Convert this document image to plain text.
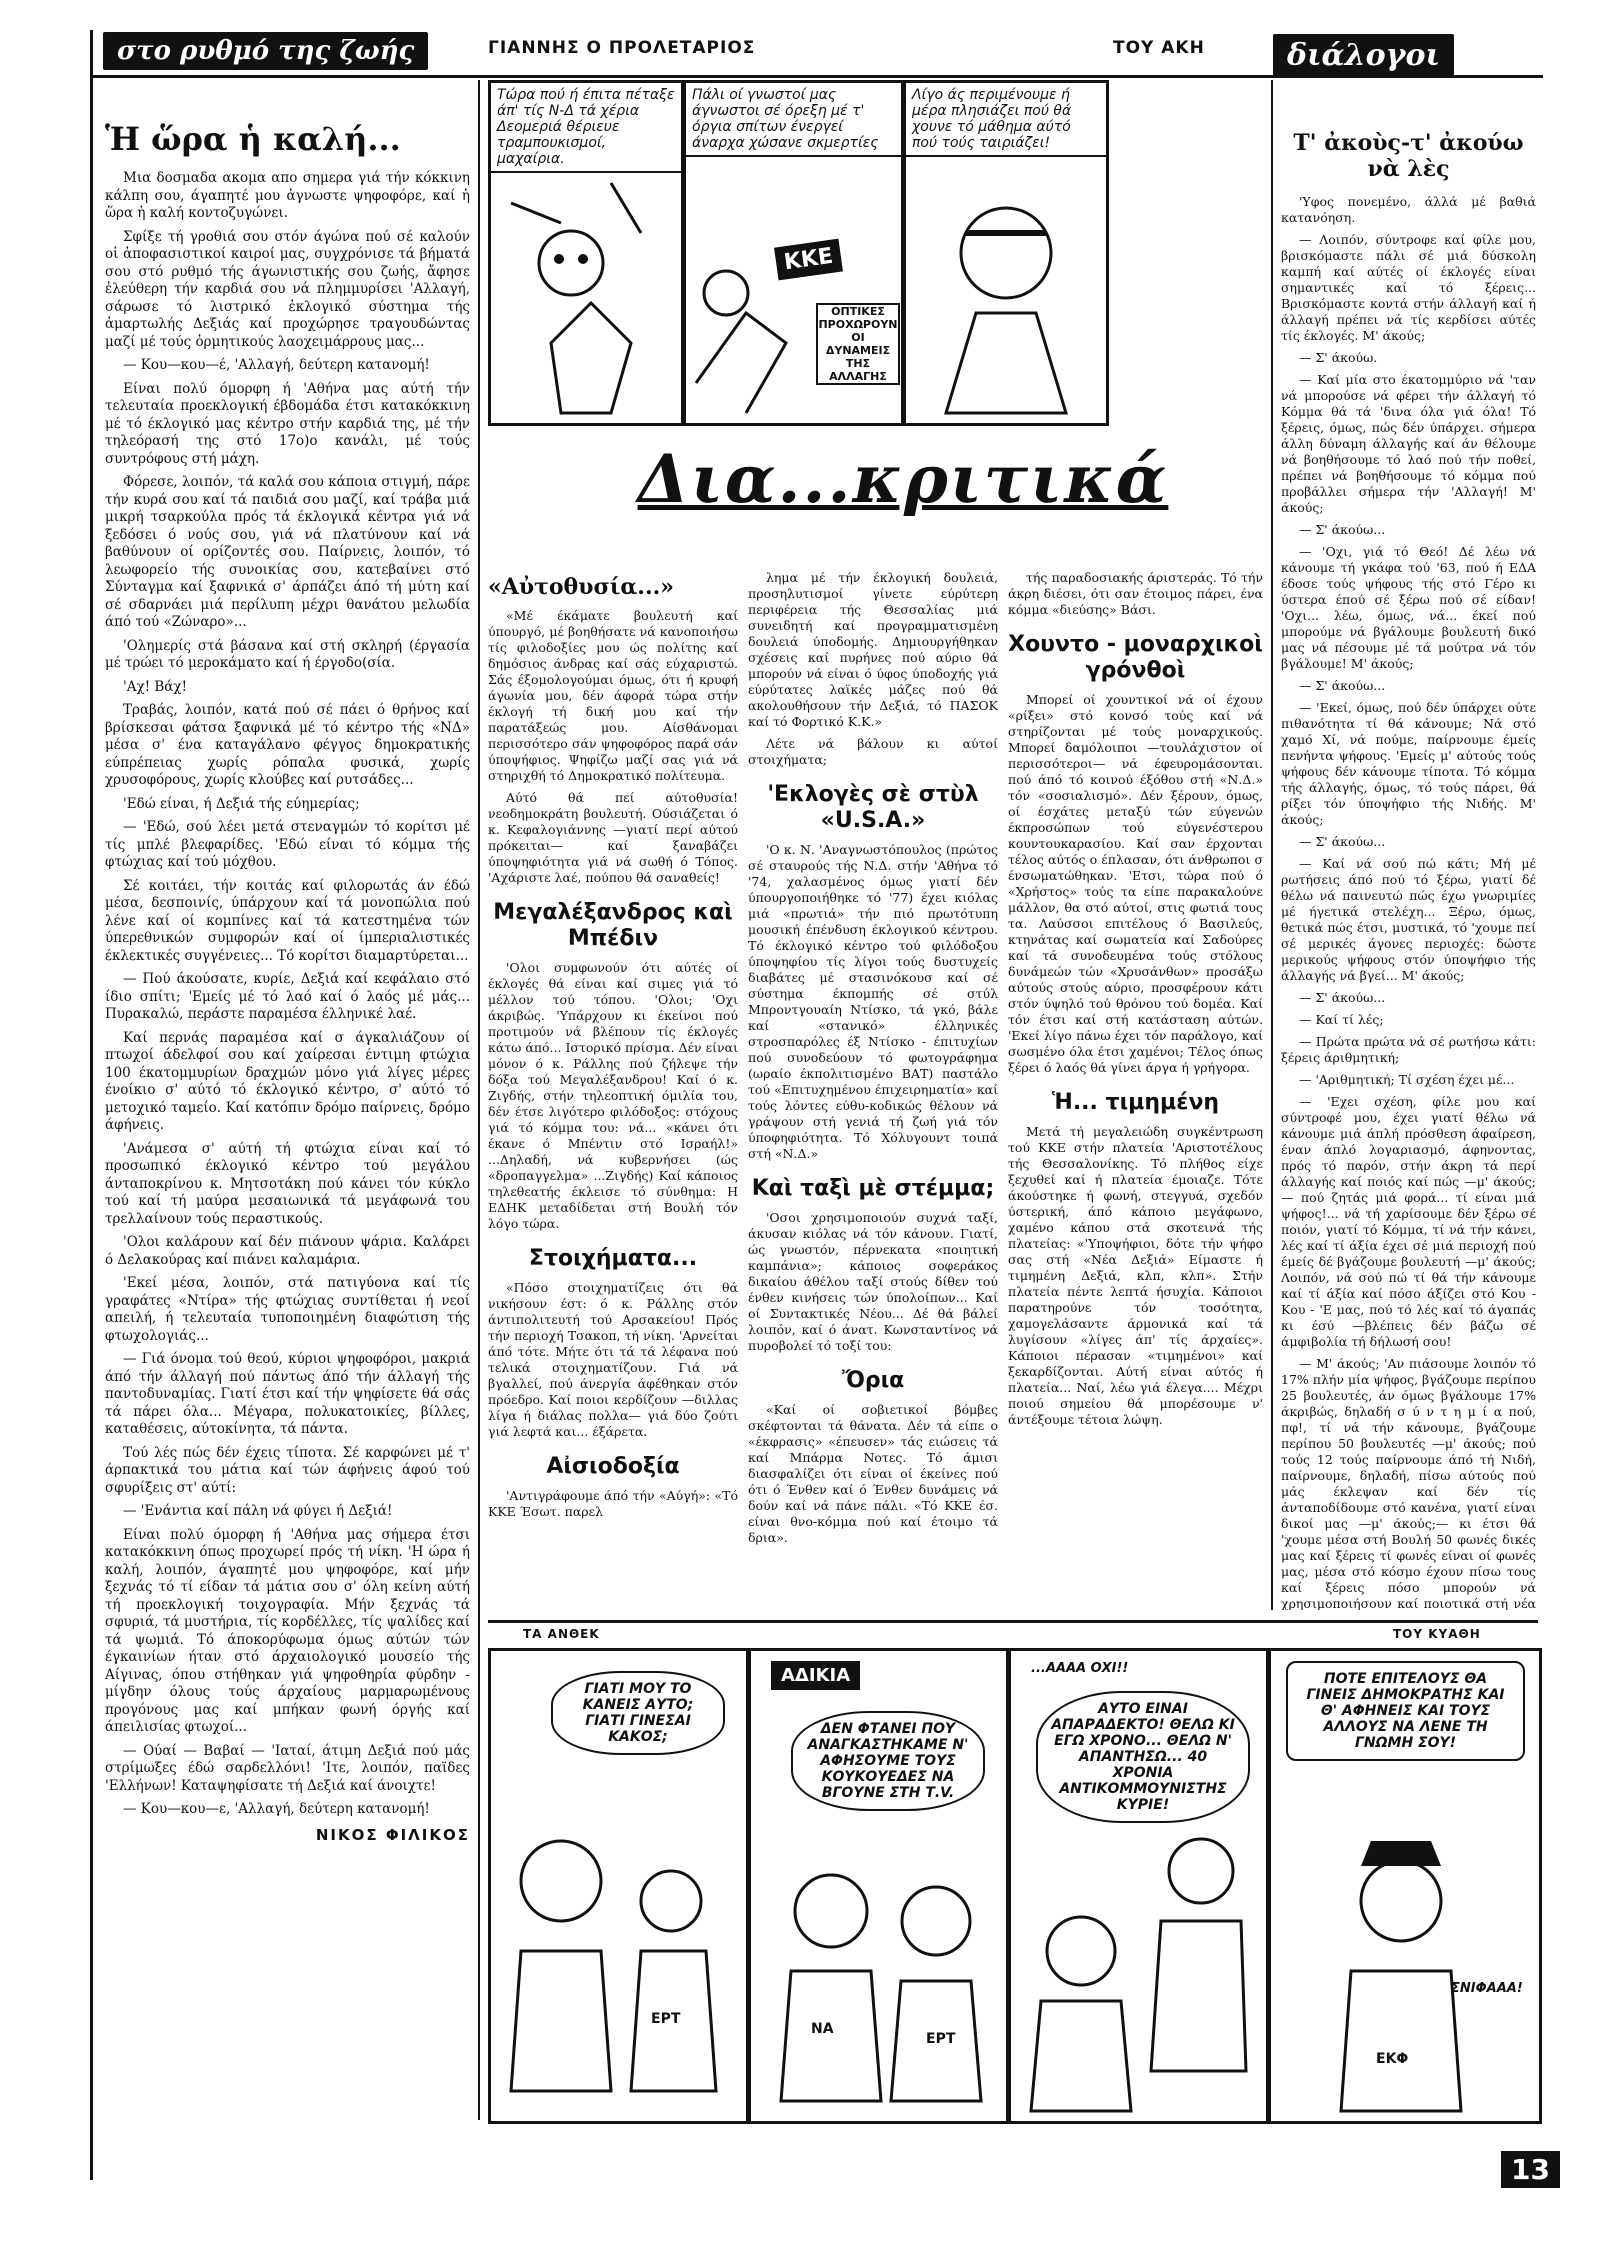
στο ρυθμό της ζωής	ΓΙΑΝΝΗΣ Ο ΠΡΟΛΕΤΑΡΙΟΣ	ΤΟΥ ΑΚΗ	διάλογοι
Ἡ ὥρα ἡ καλή...

Μια δοσμαδα ακομα απο σημερα γιά τήν κόκκινη κάλπη σου, άγαπητέ μου ἀγνωστε ψηφοφόρε, καί ἡ ὥρα ἡ καλή κοντοζυγώνει.

Σφίξε τή γροθιά σου στόν άγώνα πού σέ καλούν οἱ ἀποφασιστικοί καιροί μας, συγχρόνισε τά βήματά σου στό ρυθμό τής άγωνιστικής σου ζωής, ἄφησε ἐλεύθερη τήν καρδιά σου νά πλημμυρίσει 'Αλλαγή, σάρωσε τό λιστρικό ἐκλογικό σύστημα τής ἁμαρτωλής Δεξιάς καί προχώρησε τραγουδώντας μαζί μέ τούς ὀρμητικούς λαοχειμάρρους μας...

— Κου—κου—έ, 'Αλλαγή, δεύτερη κατανομή!

Είναι πολύ όμορφη ή 'Αθήνα μας αύτή τήν τελευταία προεκλογική έβδομάδα έτσι κατακόκκινη μέ τό έκλογικό μας κέντρο στήν καρδιά της, μέ τήν τηλεόρασή της στό 17ο)ο κανάλι, μέ τούς συντρόφους στή μάχη.

Φόρεσε, λοιπόν, τά καλά σου κάποια στιγμή, πάρε τήν κυρά σου καί τά παιδιά σου μαζί, καί τράβα μιά μικρή τσαρκούλα πρός τά έκλογικά κέντρα γιά νά ξεδόσει ό νούς σου, γιά νά πλατύνουν καί νά βαθύνουν οί ορίζοντές σου. Παίρνεις, λοιπόν, τό λεωφορείο τής συνοικίας σου, κατεβαίνει στό Σύνταγμα καί ξαφνικά σ' άρπάζει άπό τή μύτη καί σέ σδαρνάει μιά περίλυπη μέχρι θανάτου μελωδία άπό τού «Ζώναρο»...

'Ολημερίς στά βάσανα καί στή σκληρή (έργασία μέ τρώει τό μεροκάματο καί ή έργοδο(σία.

'Αχ! Βάχ!

Τραβάς, λοιπόν, κατά πού σέ πάει ό θρήνος καί βρίσκεσαι φάτσα ξαφνικά μέ τό κέντρο τής «ΝΔ» μέσα σ' ένα καταγάλανο φέγγος δημοκρατικής εύπρέπειας χωρίς ρόπαλα φυσικά, χωρίς χρυσοφόρους, χωρίς κλούβες καί ρυτσάδες...

'Εδώ είναι, ή Δεξιά τής εύημερίας;

— 'Εδώ, σού λέει μετά στεναγμών τό κορίτσι μέ τίς μπλέ βλεφαρίδες. 'Εδώ είναι τό κόμμα τής φτώχιας καί τού μόχθου.

Σέ κοιτάει, τήν κοιτάς καί φιλορωτάς άν έδώ μέσα, δεσποινίς, ύπάρχουν καί τά μονοπώλια πού λένε καί οί κομπίνες καί τά κατεστημένα τών ύπερεθνικών συμφορών καί οί ίμπεριαλιστικές έκλεκτικές συγγένειες... Τό κορίτσι διαμαρτύρεται...

— Πού άκούσατε, κυρίε, Δεξιά καί κεφάλαιο στό ίδιο σπίτι; 'Εμείς μέ τό λαό καί ό λαός μέ μάς... Πυρακαλώ, περάστε παραμέσα έλληνικέ λαέ.

Καί περνάς παραμέσα καί σ άγκαλιάζουν οί πτωχοί άδελφοί σου καί χαίρεσαι έντιμη φτώχια 100 έκατομμυρίων δραχμών μόνο γιά λίγες μέρες ένοίκιο σ' αύτό τό έκλογικό κέντρο, σ' αύτό τό μετοχικό ταμείο. Καί κατόπιν δρόμο παίρνεις, δρόμο άφήνεις.

'Ανάμεσα σ' αύτή τή φτώχια είναι καί τό προσωπικό έκλογικό κέντρο τού μεγάλου άνταποκρίνου κ. Μητσοτάκη πού κάνει τόν κύκλο τού καί τή μαύρα μεσαιωνικά τά μεγάφωνά του τρελλαίνουν τούς περαστικούς.

'Ολοι καλάρουν καί δέν πιάνουν ψάρια. Καλάρει ό Δελακούρας καί πιάνει καλαμάρια.

'Εκεί μέσα, λοιπόν, στά πατιγύονα καί τίς γραφάτες «Ντίρα» τής φτώχιας συντίθεται ή νεοί απειλή, ή τελευταία τυποποιημένη διαφώτιση τής φτωχολογιάς...

— Γιά όνομα τού θεού, κύριοι ψηφοφόροι, μακριά άπό τήν άλλαγή πού πάντως άπό τήν άλλαγή τής παντοδυναμίας. Γιατί έτσι καί τήν ψηφίσετε θά σάς τά πάρει όλα... Μέγαρα, πολυκατοικίες, βίλλες, καταθέσεις, αύτοκίνητα, τά πάντα.

Τού λές πώς δέν έχεις τίποτα. Σέ καρφώνει μέ τ' άρπακτικά του μάτια καί τών άφήνεις άφού τού σφυρίξεις στ' αύτί:

— 'Ενάντια καί πάλη νά φύγει ή Δεξιά!

Είναι πολύ όμορφη ή 'Αθήνα μας σήμερα έτσι κατακόκκινη όπως προχωρεί πρός τή νίκη. 'Η ώρα ή καλή, λοιπόν, άγαπητέ μου ψηφοφόρε, καί μήν ξεχνάς τό τί είδαν τά μάτια σου σ' όλη κείνη αύτή τή προεκλογική τοιχογραφία. Μήν ξεχνάς τά σφυριά, τά μυστήρια, τίς κορδέλλες, τίς ψαλίδες καί τά ψωμιά. Τό άποκορύφωμα όμως αύτών τών έγκαινίων ήταν στό άρχαιολογικό μουσείο τής Αίγινας, όπου στήθηκαν γιά ψηφοθηρία φύρδην - μίγδην όλους τούς άρχαίους μαρμαρωμένους προγόνους μας καί μπήκαν φωνή όργής καί άπειλισίας φτωχοί...

— Ούαί — Βαβαί — 'Ιαταί, άτιμη Δεξιά πού μάς στρίμωξες έδώ σαρδελλόνι! 'Ιτε, λοιπόν, παϊδες 'Ελλήνων! Καταψηφίσατε τή Δεξιά καί άνοιχτε!

— Κου—κου—ε, 'Αλλαγή, δεύτερη κατανομή!

ΝΙΚΟΣ ΦΙΛΙΚΟΣ
Τώρα πού ή έπιτα πέταξε άπ' τίς Ν-Δ τά χέρια Δεομεριά θέριευε τραμπουκισμοί, μαχαίρια.
Πάλι οί γνωστοί μας άγνωστοι σέ όρεξη μέ τ' όργια σπίτων ένεργεί άναρχα χώσανε σκμερτίες
ΚΚΕ
ΟΠΤΙΚΕΣ ΠΡΟΧΩΡΟΥΝ ΟΙ ΔΥΝΑΜΕΙΣ ΤΗΣ ΑΛΛΑΓΗΣ
Λίγο άς περιμένουμε ή μέρα πλησιάζει πού θά χουνε τό μάθημα αύτό πού τούς ταιριάζει!
Δια...κριτικά
«Αὐτοθυσία...»

«Μέ έκάματε βουλευτή καί ύπουργό, μέ βοηθήσατε νά κανοποιήσω τίς φιλοδοξίες μου ώς πολίτης καί δημόσιος άνδρας καί σάς εύχαριστώ. Σάς έξομολογούμαι όμως, ότι ή κρυφή άγωνία μου, δέν άφορά τώρα στήν έκλογή τή δική μου καί τήν παρατάξεώς μου. Αίσθάνομαι περισσότερο σάν ψηφοφόρος παρά σάν ύποψήφιος. Ψηφίζω μαζί σας γιά νά στηριχθή τό Δημοκρατικό πολίτευμα.

Αύτό θά πεί αύτοθυσία! νεοδημοκράτη βουλευτή. Ούσιάζεται ό κ. Κεφαλογιάννης —γιατί περί αύτού πρόκειται— καί ξαναβάζει ύποψηφιότητα γιά νά σωθή ό Τόπος. 'Αχάριστε λαέ, πούπου θά σαναθείς!

Μεγαλέξανδρος καὶ Μπέδιν

'Ολοι συμφωνούν ότι αύτές οί έκλογές θά είναι καί σιμες γιά τό μέλλον τού τόπου. 'Ολοι; 'Οχι άκριβώς. 'Υπάρχουν κι έκείνοι πού προτιμούν νά βλέπουν τίς έκλογές κάτω άπό... Ιστορικό πρίσμα. Δέν είναι μόνον ό κ. Ράλλης πού ζήλεψε τήν δόξα τού Μεγαλέξανδρου! Καί ό κ. Ζιγδής, στήν τηλεοπτική όμιλία του, δέν έτσε λιγότερο φιλόδοξος: στόχους γιά τό κόμμα του: νά... «κάνει ότι έκανε ό Μπέντιν στό Ισραήλ!» ...Δηλαδή, νά κυβερνήσει (ώς «δροπαγγελμα» ...Ζιγδής) Καί κάποιος τηλεθεατής έκλεισε τό σύνθημα: Η ΕΔΗΚ μεταδίδεται στή Βουλή τόν λόγο τώρα.

Στοιχήματα...

«Πόσο στοιχηματίζεις ότι θά νικήσουν έστ: ό κ. Ράλλης στόν άντιπολιτευτή τού Αρσακείου! Πρός τήν περιοχή Τσακοπ, τή νίκη. 'Αρνείται άπό τότε. Μήτε ότι τά τά λέφανα πού τελικά στοιχηματίζουν. Γιά νά βγαλλεί, πού άνεργία άφέθηκαν στόν πρόεδρο. Καί ποιοι κερδίζουν —διλλας λίγα ή διάλας πολλα— γιά δύο ζούτι γιά λεφτά και... έξάρετα.

Αἰσιοδοξία

'Αντιγράφουμε άπό τήν «Αύγή»: «Τό ΚΚΕ Έσωτ. παρελ

λημα μέ τήν έκλογική δουλειά, προσηλυτισμοί γίνετε εύρύτερη περιφέρεια τής Θεσσαλίας μιά συνειδητή καί προγραμματισμένη δουλειά ύποδομής. Δημιουργήθηκαν σχέσεις καί πυρήνες πού αύριο θά μπορούν νά είναι ό ύφος ύποδοχής γιά εύρύτατες λαϊκές μάζες πού θά ακολουθήσουν τήν Δεξιά, τό ΠΑΣΟΚ καί τό Φορτικό Κ.Κ.»

Λέτε νά βάλουν κι αύτοί στοιχήματα;

'Εκλογὲς σὲ στὺλ «U.S.A.»

'Ο κ. Ν. 'Αναγνωστόπουλος (πρώτος σέ σταυρούς τής Ν.Δ. στήν 'Αθήνα τό '74, χαλασμένος όμως γιατί δέν ύπουργοποιήθηκε τό '77) έχει κιόλας μιά «πρωτιά» τήν πιό πρωτότυπη μουσική έπένδυση έκλογικού κέντρου. Τό έκλογικό κέντρο τού φιλόδοξου ύποψηφίου τίς λίγοι τούς δυστυχείς διαβάτες μέ στασινόκουσ καί σέ σύστημα έκπομπής σέ στύλ Μπροντγουαίη Ντίσκο, τά γκό, βάλε καί «στανικό» έλληνικές στροσπαρόλες έξ Ντίσκο - έπιτυχίων πού συνοδεύουν τό φωτογράφημα (ωραίο έκπολιτισμένο ΒΑΤ) παστάλο τού «Επιτυχημένου έπιχειρηματία» καί τούς λόντες εύθυ-κοδικώς θέλουν νά γράψουν στή γενιά τή ζωή γιά τόν ύποφηφιότητα. Τό Χόλυγουντ τοιπά στή «Ν.Δ.»

Καὶ ταξὶ μὲ στέμμα;

'Οσοι χρησιμοποιούν συχνά ταξί, άκυσαν κιόλας νά τόν κάνουν. Γιατί, ώς γνωστόν, πέρνεκατα «ποιητική καμπάνια»; κάποιος σοφεράκος δικαίου άθέλου ταξί στούς δίθεν τού ένθεν κινήσεις τών ύπολοίπων... Καί οί Συντακτικές Νέου... Δέ θά βάλεί λοιπόν, καί ό άνατ. Κωνσταντίνος νά πυροβολεί τό τοξί του:

Ὄρια

«Καί οί σοβιετικοί βόμβες σκέφτονται τά θάνατα. Δέν τά είπε ο «έκφρασις» «έπευσεν» τάς ειώσεις τά καί Μπάρμα Νοτες. Τό άμισι διασφαλίζει ότι είναι οί έκείνες πού ότι ό Ένθεν καί ό Ένθεν δυνάμεις νά δούν καί νά πάνε πάλι. «Τό ΚΚΕ έσ. είναι θνο-κόμμα πού καί έτοιμο τά δρια».

τής παραδοσιακής άριστεράς. Τό τήν άκρη διέσει, ότι σαν έτοιμος πάρει, ένα κόμμα «διεύσης» Βάσι.

Χουντο - μοναρχικοὶ γρόνθοὶ

Μπορεί οί χουντικοί νά οί έχουν «ρίξει» στό κονσό τούς καί νά στηρίζονται μέ τούς μοναρχικούς. Μπορεί δαμόλοιποι —τουλάχιστον οί περισσότεροι— νά έφευρομάσονται. πού άπό τό κοινού έξόθου στή «Ν.Δ.» τόν «σοσιαλισμό». Δέν ξέρουν, όμως, οί έσχάτες μεταξύ τών εύγενών έκπροσώπων τού εύγενέστερου κουντουκαρασίου. Καί σαν έρχονται τέλος αύτός ο έπλασαν, ότι άνθρωποι σ ένσωματώθηκαν. 'Ετσι, τώρα πού ό «Χρήστος» τούς τα είπε παρακαλούνε μάλλον, θα στό αύτοί, στις φωτιά τους τα. Λαύσσοι επιτέλους ό Βασιλεύς, κτηνάτας καί σωματεία καί Σαδούρες καί τά συνοδευμένα τούς στόλους δυνάμεών τών «Χρυσάνθων» προσάξω αύτούς στούς αύριο, προσφέρουν κάτι στόν ύψηλό τού θρόνου τού δομέα. Καί τόν έτσι καί στή κατάσταση αύτών. 'Εκεί λίγο πάνω έχει τόν παράλογο, καί σωσμένο όλα έτσι χαμένοι; Τέλος όπως ξέρει ό λαός θά γίνει άργα ή γρήγορα.

Ἡ... τιμημένη

Μετά τή μεγαλειώδη συγκέντρωση τού ΚΚΕ στήν πλατεία 'Αριστοτέλους τής Θεσσαλονίκης. Τό πλήθος είχε ξεχυθεί καί ή πλατεία έμοιαζε. Τότε άκούστηκε ή φωνή, στεγγυά, σχεδόν ύστερική, άπό κάποιο μεγάφωνο, χαμένο κάπου στά σκοτεινά τής πλατείας: «'Υποψήφιοι, δότε τήν ψήφο σας στή «Νέα Δεξιά» Είμαστε ή τιμημένη Δεξιά, κλπ, κλπ». Στήν πλατεία πέντε λεπτά ήσυχία. Κάποιοι παρατηρούνε τόν τοσότητα, χαμογελάσαντε άρμονικά καί τά λυγίσουν «λίγες άπ' τίς άρχαίες». Κάποιοι πέρασαν «τιμημένοι» καί ξεκαρδίζονται. Αύτή είναι αύτός ή πλατεία... Ναί, λέω γιά έλεγα.... Μέχρι ποιού σημείου θά μπορέσουμε ν' άντέξουμε τέτοια λώψη.

Τ' ἀκοὺς-τ' ἀκούω νὰ λὲς

'Υφος πονεμένο, άλλά μέ βαθιά κατανόηση.

— Λοιπόν, σύντροφε καί φίλε μου, βρισκόμαστε πάλι σέ μιά δύσκολη καμπή καί αύτές οί έκλογές είναι σημαντικές καί τό ξέρεις... Βρισκόμαστε κοντά στήν άλλαγή καί ή άλλαγή πρέπει νά τίς κερδίσει αύτές τίς έκλογές. Μ' άκούς;

— Σ' άκούω.

— Καί μία στο έκατομμύριο νά 'ταν νά μπορούσε νά φέρει τήν άλλαγή τό Κόμμα θά τά 'δινα όλα γιά όλα! Τό ξέρεις, όμως, πώς δέν ύπάρχει. σήμερα άλλη δύναμη άλλαγής καί άν θέλουμε νά βοηθήσουμε τό λαό πού τήν ποθεί, πρέπει νά βοηθήσουμε τό κόμμα πού προβάλλει σήμερα τήν 'Αλλαγή! Μ' άκούς;

— Σ' άκούω...

— 'Οχι, γιά τό Θεό! Δέ λέω νά κάνουμε τή γκάφα τού '63, πού ή ΕΔΑ έδοσε τούς ψήφους τής στό Γέρο κι ύστερα έπού σέ ξέρω πού σέ είδαν! 'Οχι... λέω, όμως, νά... έκεί πού μπορούμε νά βγάλουμε βουλευτή δικό μας νά πέσουμε μέ τά μούτρα νά τόν βγάλουμε! Μ' άκούς;

— Σ' άκούω...

— 'Εκεί, όμως, πού δέν ύπάρχει ούτε πιθανότητα τί θά κάνουμε; Νά στό χαμό Χί, νά πούμε, παίρνουμε έμείς πενήντα ψήφους. 'Εμείς μ' αύτούς τούς ψήφους δέν κάνουμε τίποτα. Τό κόμμα τής άλλαγής, όμως, τό τούς πάρει, θά ρίξει τόν ύποψήφιο τής Νιδής. Μ' άκούς;

— Σ' άκούω...

— Καί νά σού πώ κάτι; Μή μέ ρωτήσεις άπό πού τό ξέρω, γιατί δέ θέλω νά παινευτώ πώς έχω γνωριμίες μέ ήγετικά στελέχη... Ξέρω, όμως, θετικά πώς έτσι, μυστικά, τό 'χουμε πεί σέ μερικές άγονες περιοχές: δώστε μερικούς ψήφους στόν ύποψήφιο τής άλλαγής νά βγεί... Μ' άκούς;

— Σ' άκούω...

— Καί τί λές;

— Πρώτα πρώτα νά σέ ρωτήσω κάτι: ξέρεις άριθμητική;

— 'Αριθμητική; Τί σχέση έχει μέ...

— 'Εχει σχέση, φίλε μου καί σύντροφέ μου, έχει γιατί θέλω νά κάνουμε μιά άπλή πρόσθεση άφαίρεση, έναν άπλό λογαριασμό, άφηνοντας, πρός τό παρόν, στήν άκρη τά περί άλλαγής καί ποιός καί πώς —μ' άκούς;— πού ζητάς μιά φορά... τί είναι μιά ψήφος!... νά τή χαρίσουμε δέν ξέρω σέ ποιόν, γιατί τό Κόμμα, τί νά τήν κάνει, λές καί τί άξία έχει σέ μιά περιοχή πού έμείς δέ βγάζουμε βουλευτή —μ' άκούς; Λοιπόν, νά σού πώ τί θά τήν κάνουμε καί τί άξία καί πόσο άξίζει στό Κου - Κου - 'Ε μας, πού τό λές καί τό άγαπάς κι έσύ —βλέπεις δέν βάζω σέ άμφιβολία τή δήλωσή σου!

— Μ' άκούς; 'Αν πιάσουμε λοιπόν τό 17% πλήν μία ψήφος, βγάζουμε περίπου 25 βουλευτές, άν όμως βγάλουμε 17% άκριβώς, δηλαδή σ ύ ν τ η μ ί α πού, πφ!, τί νά τήν κάνουμε, βγάζουμε περίπου 50 βουλευτές —μ' άκούς; πού τούς 12 τούς παίρνουμε άπό τή Νιδή, παίρνουμε, δηλαδή, πίσω αύτούς πού μάς έκλεψαν καί δέν τίς άνταποδίδουμε στό κανένα, γιατί είναι δικοί μας —μ' άκούς;— κι έτσι θά 'χουμε μέσα στή Βουλή 50 φωνές δικές μας καί ξέρεις τί φωνές είναι οί φωνές μας, μέσα στό κόσμο έχουν πίσω τους καί ξέρεις πόσο μπορούν νά χρησιμοποιήσουν καί ποιοτικά στή νέα

ΤΑ ΑΝΘΕΚ	ΤΟΥ ΚΥΑΘΗ
ΓΙΑΤΙ ΜΟΥ ΤΟ ΚΑΝΕΙΣ ΑΥΤΟ; ΓΙΑΤΙ ΓΙΝΕΣΑΙ ΚΑΚΟΣ;
ΕΡΤ
ΑΔΙΚΙΑ
ΔΕΝ ΦΤΑΝΕΙ ΠΟΥ ΑΝΑΓΚΑΣΤΗΚΑΜΕ Ν' ΑΦΗΣΟΥΜΕ ΤΟΥΣ ΚΟΥΚΟΥΕΔΕΣ ΝΑ ΒΓΟΥΝΕ ΣΤΗ Τ.V.
ΝΑ
ΕΡΤ
...ΑΑΑΑ ΟΧΙ!!
ΑΥΤΟ ΕΙΝΑΙ ΑΠΑΡΑΔΕΚΤΟ! ΘΕΛΩ ΚΙ ΕΓΩ ΧΡΟΝΟ... ΘΕΛΩ Ν' ΑΠΑΝΤΗΣΩ... 40 ΧΡΟΝΙΑ ΑΝΤΙΚΟΜΜΟΥΝΙΣΤΗΣ ΚΥΡΙΕ!
ΠΟΤΕ ΕΠΙΤΕΛΟΥΣ ΘΑ ΓΙΝΕΙΣ ΔΗΜΟΚΡΑΤΗΣ ΚΑΙ Θ' ΑΦΗΝΕΙΣ ΚΑΙ ΤΟΥΣ ΑΛΛΟΥΣ ΝΑ ΛΕΝΕ ΤΗ ΓΝΩΜΗ ΣΟΥ!
ΣΝΙΦΑΑΑ!
ΕΚΦ
13
